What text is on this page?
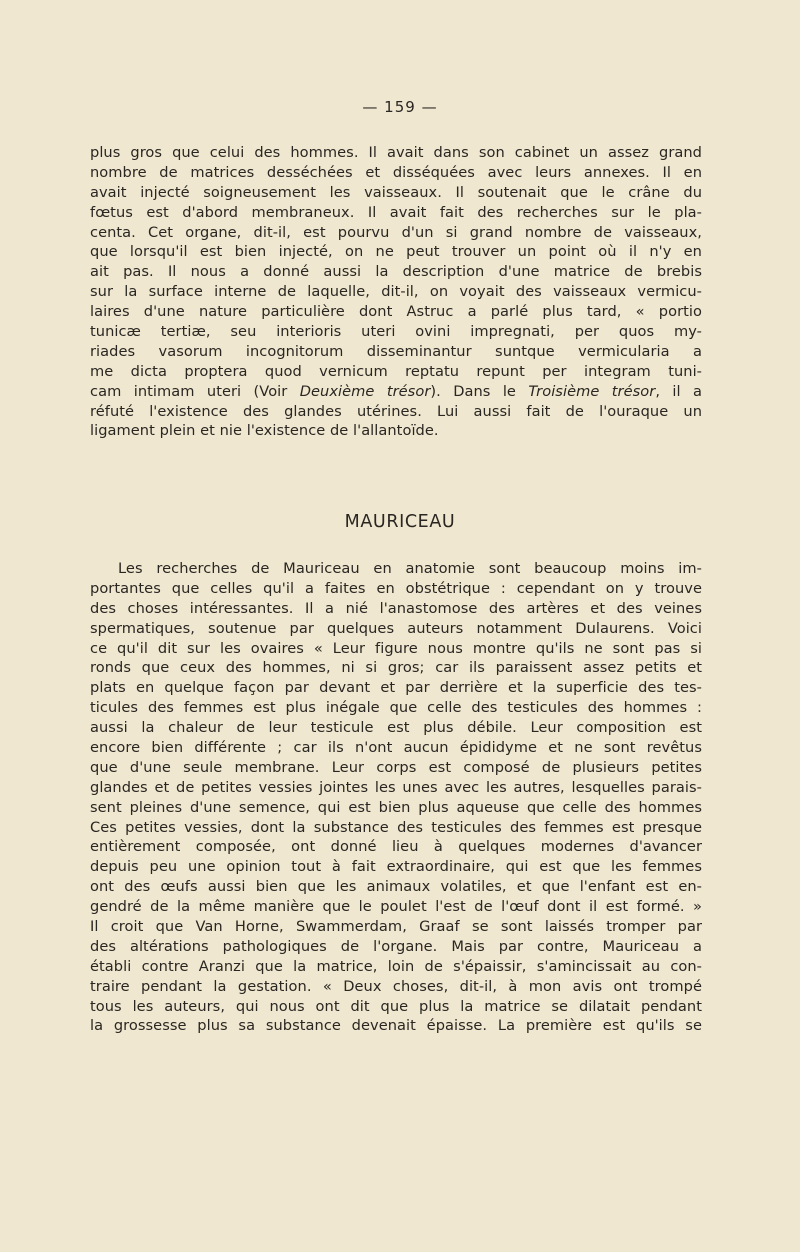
— 159 —
plus gros que celui des hommes. Il avait dans son cabinet un assez grand
nombre de matrices desséchées et disséquées avec leurs annexes. Il en
avait injecté soigneusement les vaisseaux. Il soutenait que le crâne du
fœtus est d'abord membraneux. Il avait fait des recherches sur le pla-
centa. Cet organe, dit-il, est pourvu d'un si grand nombre de vaisseaux,
que lorsqu'il est bien injecté, on ne peut trouver un point où il n'y en
ait pas. Il nous a donné aussi la description d'une matrice de brebis
sur la surface interne de laquelle, dit-il, on voyait des vaisseaux vermicu-
laires d'une nature particulière dont Astruc a parlé plus tard, « portio
tunicæ tertiæ, seu interioris uteri ovini impregnati, per quos my-
riades vasorum incognitorum disseminantur suntque vermicularia a
me dicta proptera quod vernicum reptatu repunt per integram tuni-
cam intimam uteri (Voir Deuxième trésor). Dans le Troisième trésor, il a
réfuté l'existence des glandes utérines. Lui aussi fait de l'ouraque un
ligament plein et nie l'existence de l'allantoïde.
MAURICEAU
Les recherches de Mauriceau en anatomie sont beaucoup moins im-
portantes que celles qu'il a faites en obstétrique : cependant on y trouve
des choses intéressantes. Il a nié l'anastomose des artères et des veines
spermatiques, soutenue par quelques auteurs notamment Dulaurens. Voici
ce qu'il dit sur les ovaires « Leur figure nous montre qu'ils ne sont pas si
ronds que ceux des hommes, ni si gros; car ils paraissent assez petits et
plats en quelque façon par devant et par derrière et la superficie des tes-
ticules des femmes est plus inégale que celle des testicules des hommes :
aussi la chaleur de leur testicule est plus débile. Leur composition est
encore bien différente ; car ils n'ont aucun épididyme et ne sont revêtus
que d'une seule membrane. Leur corps est composé de plusieurs petites
glandes et de petites vessies jointes les unes avec les autres, lesquelles parais-
sent pleines d'une semence, qui est bien plus aqueuse que celle des hommes
Ces petites vessies, dont la substance des testicules des femmes est presque
entièrement composée, ont donné lieu à quelques modernes d'avancer
depuis peu une opinion tout à fait extraordinaire, qui est que les femmes
ont des œufs aussi bien que les animaux volatiles, et que l'enfant est en-
gendré de la même manière que le poulet l'est de l'œuf dont il est formé. »
Il croit que Van Horne, Swammerdam, Graaf se sont laissés tromper par
des altérations pathologiques de l'organe. Mais par contre, Mauriceau a
établi contre Aranzi que la matrice, loin de s'épaissir, s'amincissait au con-
traire pendant la gestation. « Deux choses, dit-il, à mon avis ont trompé
tous les auteurs, qui nous ont dit que plus la matrice se dilatait pendant
la grossesse plus sa substance devenait épaisse. La première est qu'ils se
